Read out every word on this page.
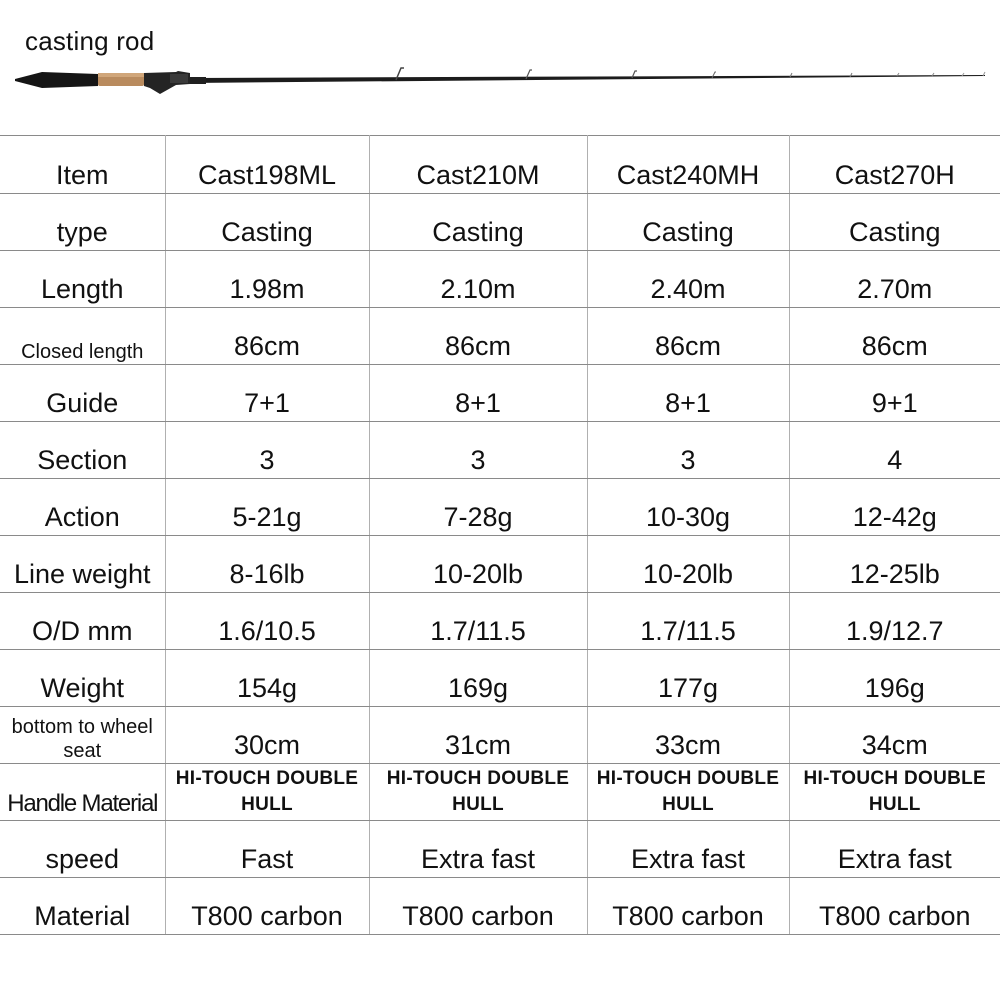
casting rod
Item	Cast198ML	Cast210M	Cast240MH	Cast270H
type	Casting	Casting	Casting	Casting
Length	1.98m	2.10m	2.40m	2.70m
Closed length	86cm	86cm	86cm	86cm
Guide	7+1	8+1	8+1	9+1
Section	3	3	3	4
Action	5-21g	7-28g	10-30g	12-42g
Line weight	8-16lb	10-20lb	10-20lb	12-25lb
O/D mm	1.6/10.5	1.7/11.5	1.7/11.5	1.9/12.7
Weight	154g	169g	177g	196g
bottom to wheel seat	30cm	31cm	33cm	34cm
Handle Material	HI-TOUCH DOUBLE HULL	HI-TOUCH DOUBLE HULL	HI-TOUCH DOUBLE HULL	HI-TOUCH DOUBLE HULL
speed	Fast	Extra fast	Extra fast	Extra fast
Material	T800 carbon	T800 carbon	T800 carbon	T800 carbon
